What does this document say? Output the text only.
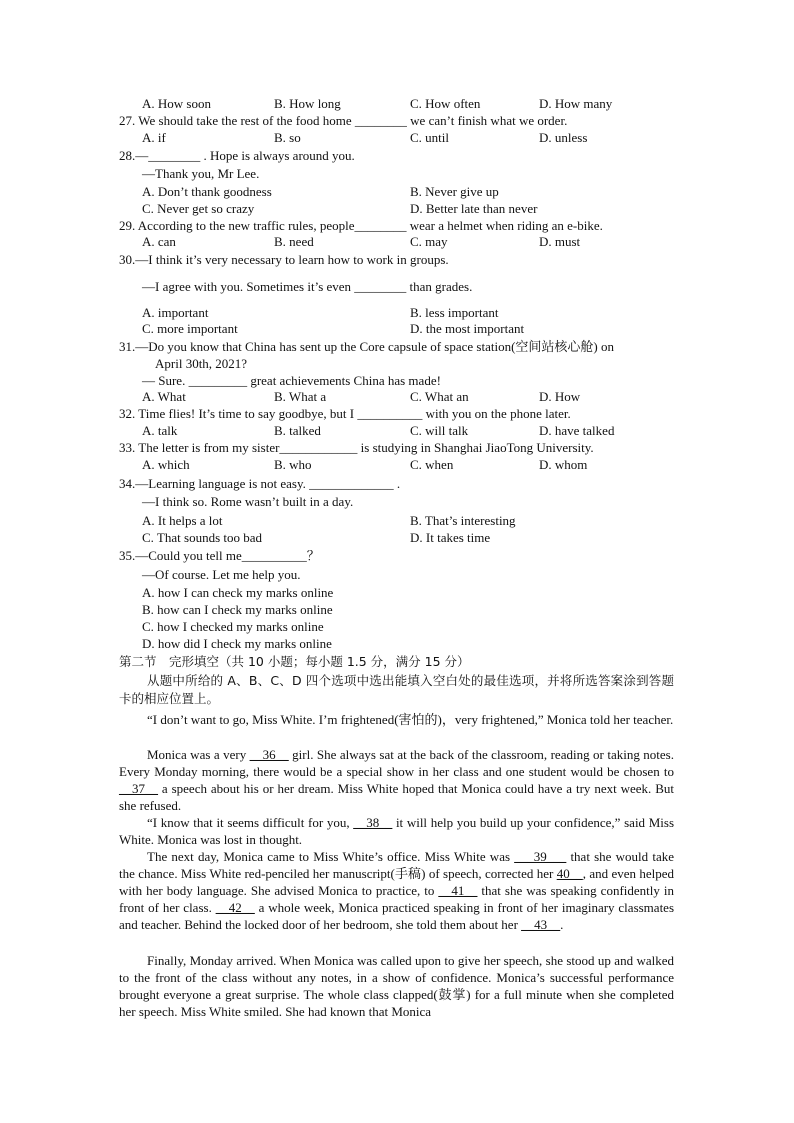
A. How soon	B. How long	C. How often	D. How many
27. We should take the rest of the food home ________ we can’t finish what we order.
A. if	B. so	C. until	D. unless
28.—________ . Hope is always around you.
—Thank you, Mr Lee.
A. Don’t thank goodness	B. Never give up
C. Never get so crazy	D. Better late than never
29. According to the new traffic rules, people________ wear a helmet when riding an e-bike.
A. can	B. need	C. may	D. must
30.—I think it’s very necessary to learn how to work in groups.
—I agree with you. Sometimes it’s even ________ than grades.
A. important	B. less important
C. more important	D. the most important
31.—Do you know that China has sent up the Core capsule of space station(空间站核心舱) on
April 30th, 2021?
— Sure. _________ great achievements China has made!
A. What	B. What a	C. What an	D. How
32. Time flies! It’s time to say goodbye, but I __________ with you on the phone later.
A. talk	B. talked	C. will talk	D. have talked
33. The letter is from my sister____________ is studying in Shanghai JiaoTong University.
A. which	B. who	C. when	D. whom
34.—Learning language is not easy. _____________ .
—I think so. Rome wasn’t built in a day.
A. It helps a lot	B. That’s interesting
C. That sounds too bad	D. It takes time
35.—Could you tell me__________？
—Of course. Let me help you.
A. how I can check my marks online
B. how can I check my marks online
C. how I checked my marks online
D. how did I check my marks online
第二节　完形填空（共 10 小题；每小题 1.5 分，满分 15 分）
从题中所给的 A、B、C、D 四个选项中选出能填入空白处的最佳选项，并将所选答案涂到答题卡的相应位置上。
“I don’t want to go, Miss White. I’m frightened(害怕的)，very frightened,” Monica told her teacher.
Monica was a very __36__ girl. She always sat at the back of the classroom, reading or taking notes. Every Monday morning, there would be a special show in her class and one student would be chosen to __37__ a speech about his or her dream. Miss White hoped that Monica could have a try next week. But she refused.
“I know that it seems difficult for you, __38__ it will help you build up your confidence,” said Miss White. Monica was lost in thought.
The next day, Monica came to Miss White’s office. Miss White was ___39___ that she would take the chance. Miss White red-penciled her manuscript(手稿) of speech, corrected her 40__, and even helped with her body language. She advised Monica to practice, to __41__ that she was speaking confidently in front of her class. __42__ a whole week, Monica practiced speaking in front of her imaginary classmates and teacher. Behind the locked door of her bedroom, she told them about her __43__.
Finally, Monday arrived. When Monica was called upon to give her speech, she stood up and walked to the front of the class without any notes, in a show of confidence. Monica’s successful performance brought everyone a great surprise. The whole class clapped(鼓掌) for a full minute when she completed her speech. Miss White smiled. She had known that Monica
